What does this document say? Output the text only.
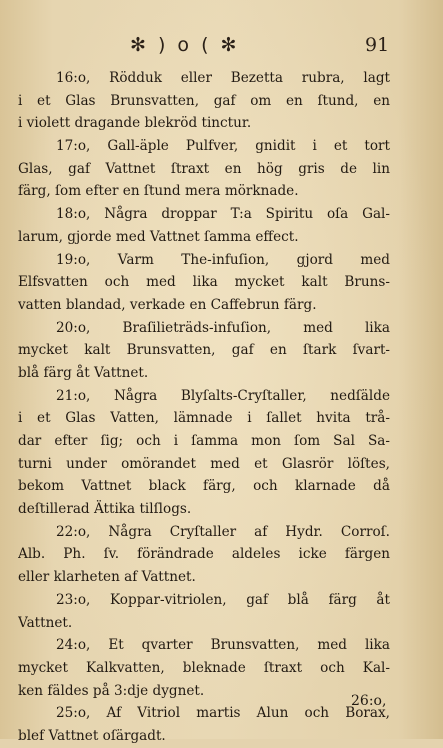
✻ ) o ( ✻	91
16:o, Rödduk eller Bezetta rubra, lagt
i et Glas Brunsvatten, gaf om en ſtund, en
i violett dragande blekröd tinctur.
17:o, Gall-äple Pulfver, gnidit i et tort
Glas, gaf Vattnet ſtraxt en hög gris de lin
färg, ſom efter en ſtund mera mörknade.
18:o, Några droppar T:a Spiritu oſa Gal-
larum, gjorde med Vattnet ſamma effect.
19:o, Varm The-infuſion, gjord med
Elfsvatten och med lika mycket kalt Bruns-
vatten blandad, verkade en Caffebrun färg.
20:o, Braſilieträds-infuſion, med lika
mycket kalt Brunsvatten, gaf en ſtark ſvart-
blå färg åt Vattnet.
21:o, Några Blyſalts-Cryſtaller, nedſälde
i et Glas Vatten, lämnade i ſallet hvita trå-
dar efter ſig; och i ſamma mon ſom Sal Sa-
turni under omörandet med et Glasrör löſtes,
bekom Vattnet black färg, och klarnade då
deſtillerad Ättika tilſlogs.
22:o, Några Cryſtaller af Hydr. Corroſ.
Alb. Ph. ſv. förändrade aldeles icke färgen
eller klarheten af Vattnet.
23:o, Koppar-vitriolen, gaf blå färg åt
Vattnet.
24:o, Et qvarter Brunsvatten, med lika
mycket Kalkvatten, bleknade ſtraxt och Kal-
ken fäldes på 3:dje dygnet.
25:o, Af Vitriol martis Alun och Borax,
blef Vattnet oſärgadt.
26:o,
